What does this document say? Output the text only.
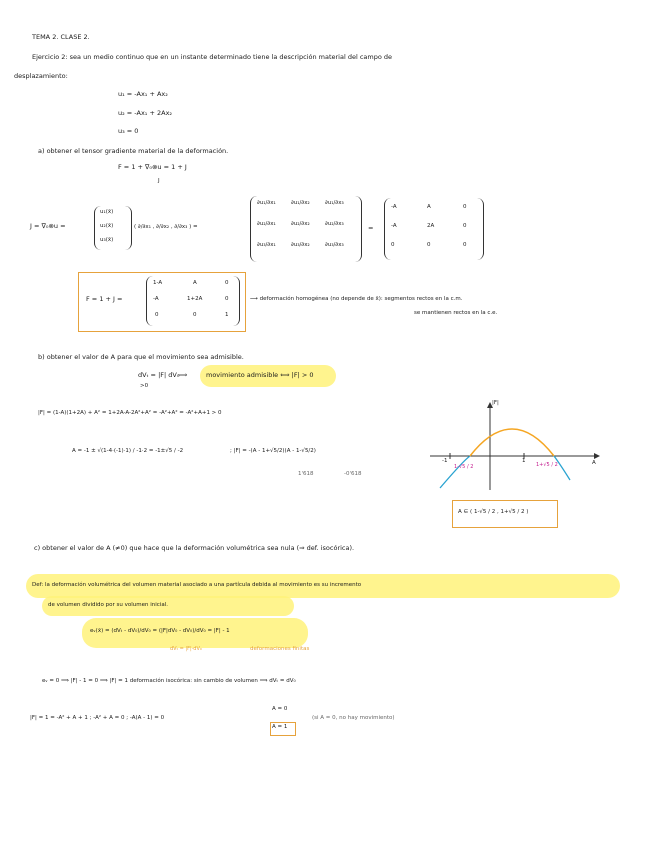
TEMA 2. CLASE 2.
Ejercicio 2: sea un medio continuo que en un instante determinado tiene la descripción material del campo de
desplazamiento:
u₁ = -Ax₁ + Ax₂
u₂ = -Ax₁ + 2Ax₂
u₃ = 0
a) obtener el tensor gradiente material de la deformación.
F = 1 + ∇₀⊗u = 1 + J
J
J = ∇₀⊗u =
u₁(x̄)
u₂(x̄)
u₃(x̄)
( ∂/∂x₁ , ∂/∂x₂ , ∂/∂x₃ ) =
∂u₁/∂x₁	∂u₁/∂x₂	∂u₁/∂x₃
∂u₂/∂x₁	∂u₂/∂x₂	∂u₂/∂x₃
∂u₃/∂x₁	∂u₃/∂x₂	∂u₃/∂x₃
=
-A	A	0
-A	2A	0
0	0	0
F = 1 + J =
1-A	A	0
-A	1+2A	0
0	0	1
⟶ deformación homogénea (no depende de x̄): segmentos rectos en la c.m.
se mantienen rectos en la c.e.
b) obtener el valor de A para que el movimiento sea admisible.
dVₜ = |F| dV₀
>0
⟹	movimiento admisible ⟺ |F| > 0
|F| = (1-A)(1+2A) + A² = 1+2A-A-2A²+A² = -A²+A² = -A²+A+1 > 0
A = -1 ± √(1-4·(-1)·1) / -1·2 = -1±√5 / -2	; |F| = -(A - 1+√5/2)(A - 1-√5/2)
1'618	-0'618
|F|
A
-1	1
1-√5 / 2	1+√5 / 2
A ∈ ( 1-√5 / 2 , 1+√5 / 2 )
c) obtener el valor de A (≠0) que hace que la deformación volumétrica sea nula (⇒ def. isocórica).
Def: la deformación volumétrica del volumen material asociado a una partícula debida al movimiento es su incremento
de volumen dividido por su volumen inicial.
eᵥ(x̄) = (dVₜ - dV₀)/dV₀ = (|F|dV₀ - dV₀)/dV₀ = |F| - 1
dVₜ = |F|·dV₀	deformaciones finitas
eᵥ = 0 ⟹ |F| - 1 = 0 ⟹ |F| = 1 deformación isocórica: sin cambio de volumen ⟹ dVₜ = dV₀
|F| = 1 = -A² + A + 1 ; -A² + A = 0 ; -A(A - 1) = 0
A = 0
A = 1
(si A = 0, no hay movimiento)
